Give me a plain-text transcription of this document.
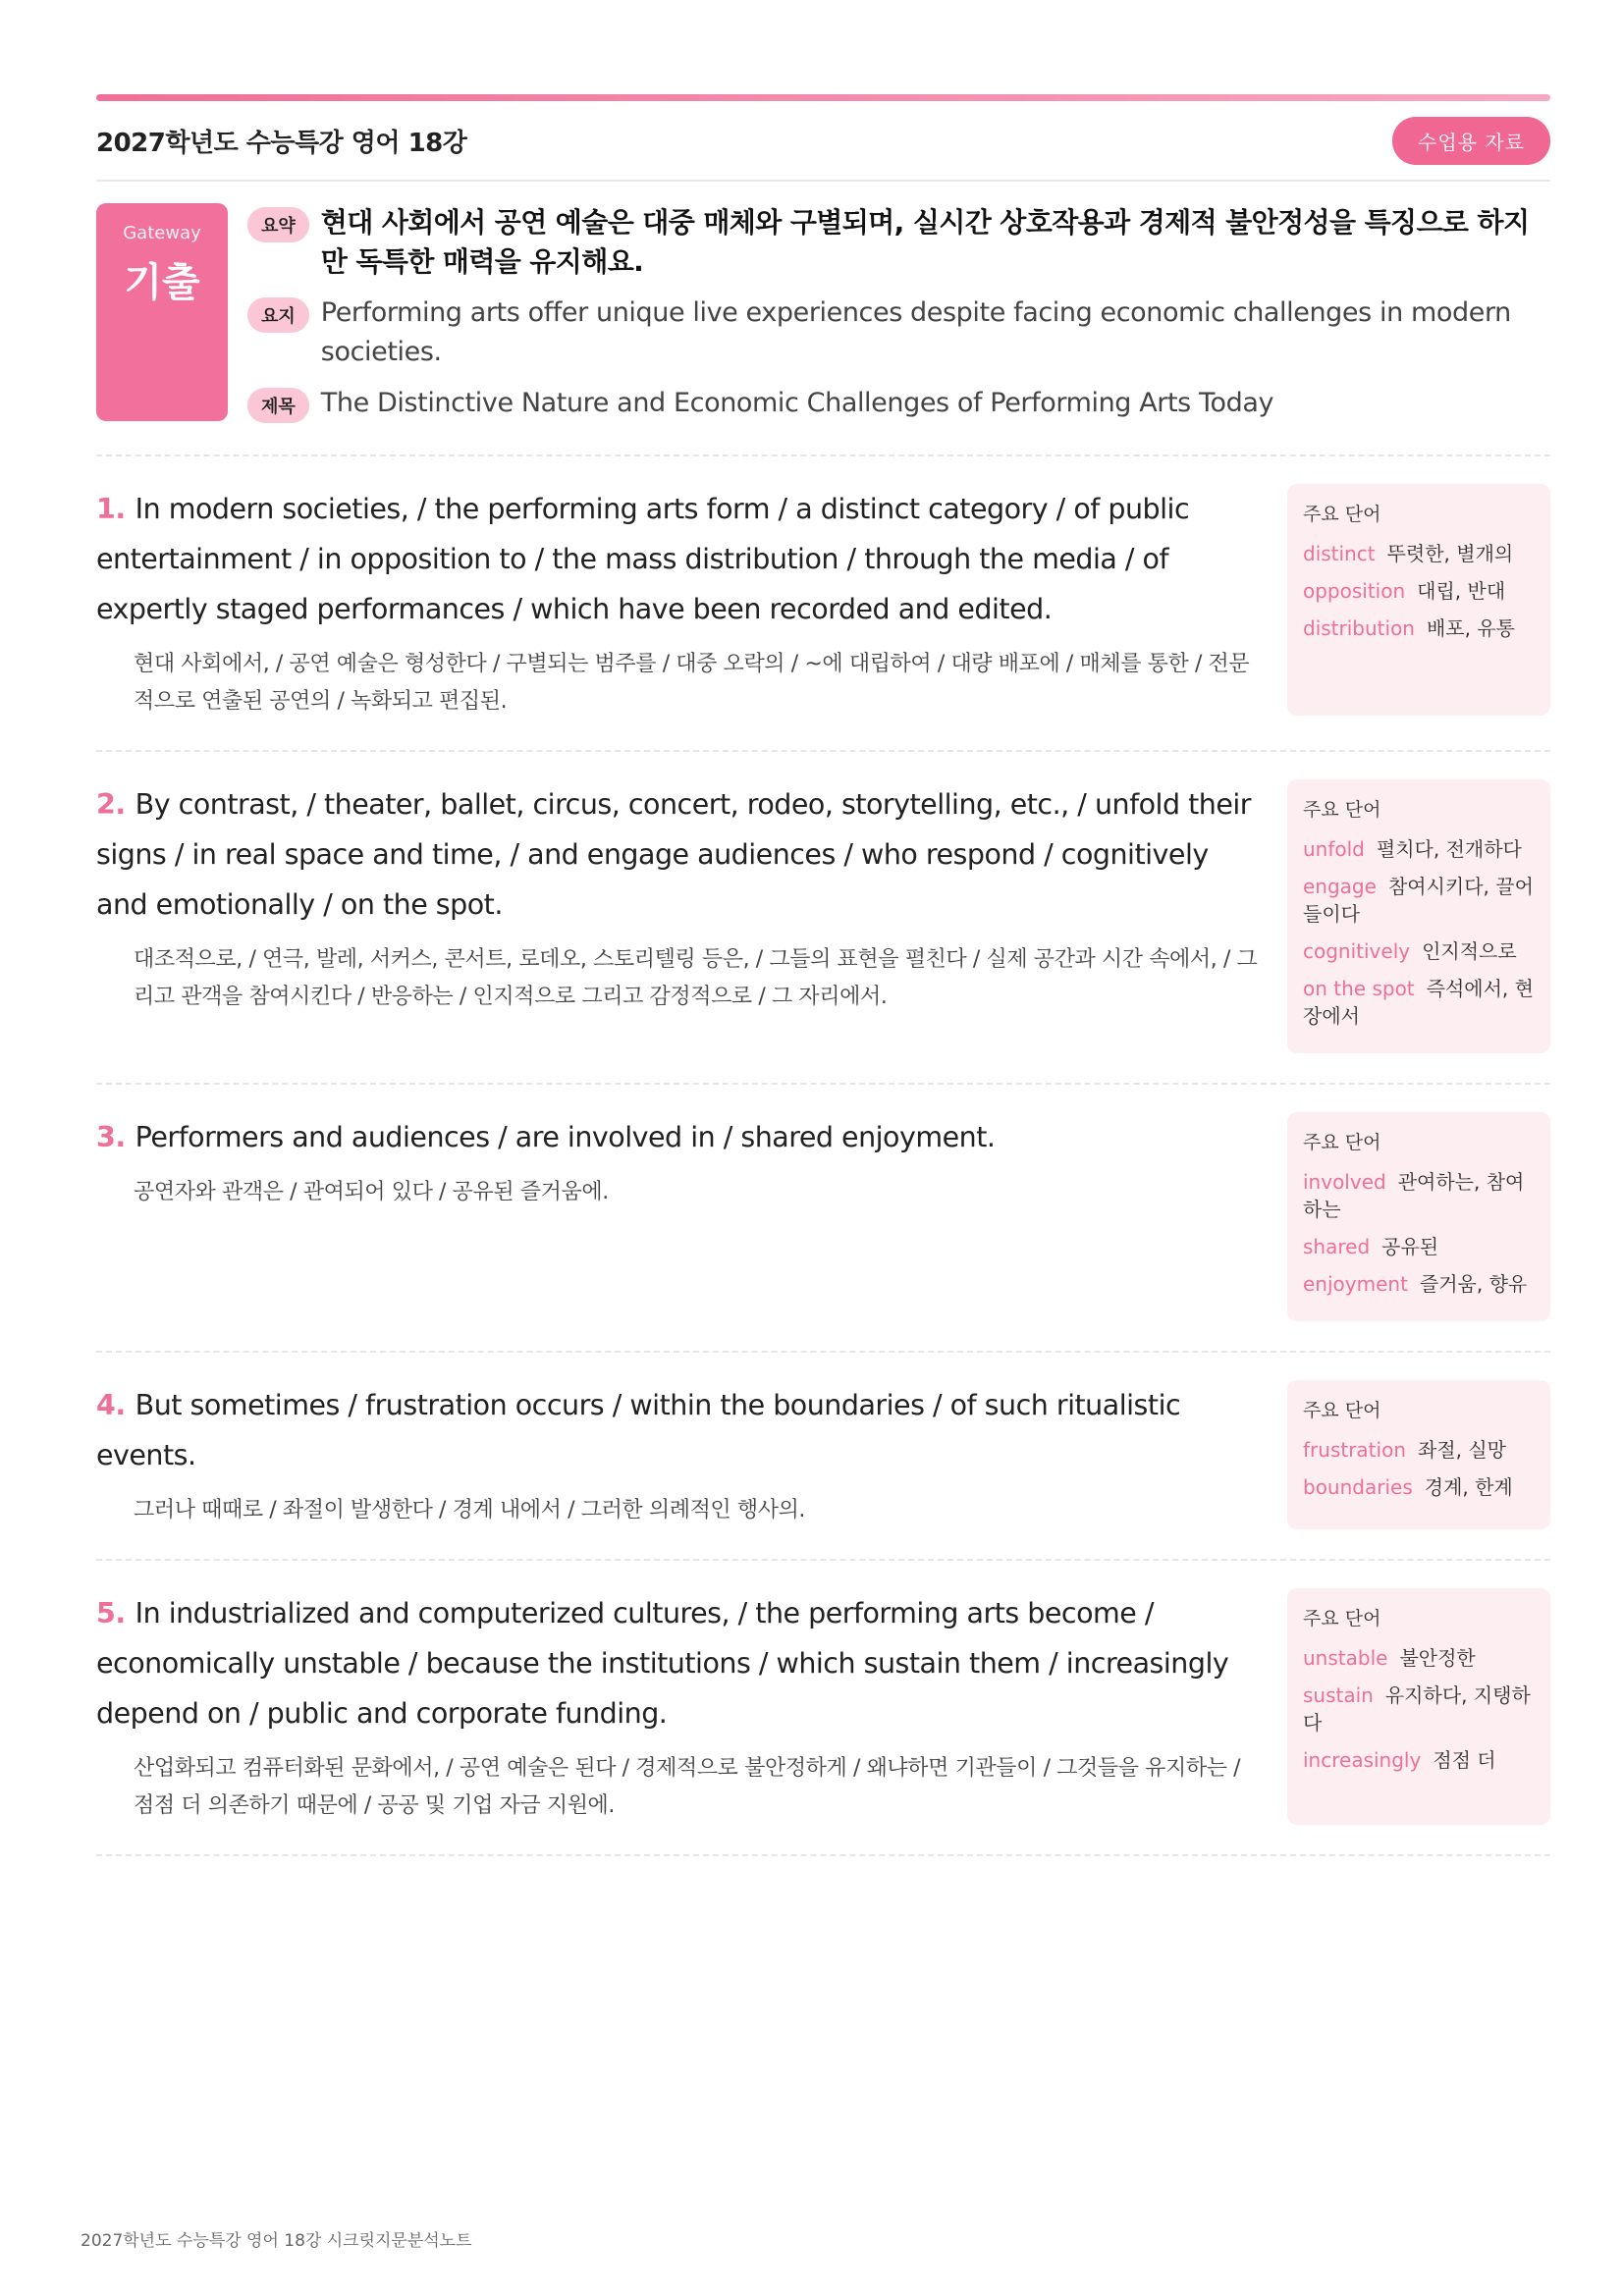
2027학년도 수능특강 영어 18강	수업용 자료
Gateway
기출
요약 현대 사회에서 공연 예술은 대중 매체와 구별되며, 실시간 상호작용과 경제적 불안정성을 특징으로 하지만 독특한 매력을 유지해요.
요지 Performing arts offer unique live experiences despite facing economic challenges in modern societies.
제목 The Distinctive Nature and Economic Challenges of Performing Arts Today
1. In modern societies, / the performing arts form / a distinct category / of public entertainment / in opposition to / the mass distribution / through the media / of expertly staged performances / which have been recorded and edited.
현대 사회에서, / 공연 예술은 형성한다 / 구별되는 범주를 / 대중 오락의 / ~에 대립하여 / 대량 배포에 / 매체를 통한 / 전문적으로 연출된 공연의 / 녹화되고 편집된.
주요 단어
distinct 뚜렷한, 별개의
opposition 대립, 반대
distribution 배포, 유통
2. By contrast, / theater, ballet, circus, concert, rodeo, storytelling, etc., / unfold their signs / in real space and time, / and engage audiences / who respond / cognitively and emotionally / on the spot.
대조적으로, / 연극, 발레, 서커스, 콘서트, 로데오, 스토리텔링 등은, / 그들의 표현을 펼친다 / 실제 공간과 시간 속에서, / 그리고 관객을 참여시킨다 / 반응하는 / 인지적으로 그리고 감정적으로 / 그 자리에서.
주요 단어
unfold 펼치다, 전개하다
engage 참여시키다, 끌어들이다
cognitively 인지적으로
on the spot 즉석에서, 현장에서
3. Performers and audiences / are involved in / shared enjoyment.
공연자와 관객은 / 관여되어 있다 / 공유된 즐거움에.
주요 단어
involved 관여하는, 참여하는
shared 공유된
enjoyment 즐거움, 향유
4. But sometimes / frustration occurs / within the boundaries / of such ritualistic events.
그러나 때때로 / 좌절이 발생한다 / 경계 내에서 / 그러한 의례적인 행사의.
주요 단어
frustration 좌절, 실망
boundaries 경계, 한계
5. In industrialized and computerized cultures, / the performing arts become / economically unstable / because the institutions / which sustain them / increasingly depend on / public and corporate funding.
산업화되고 컴퓨터화된 문화에서, / 공연 예술은 된다 / 경제적으로 불안정하게 / 왜냐하면 기관들이 / 그것들을 유지하는 / 점점 더 의존하기 때문에 / 공공 및 기업 자금 지원에.
주요 단어
unstable 불안정한
sustain 유지하다, 지탱하다
increasingly 점점 더
2027학년도 수능특강 영어 18강 시크릿지문분석노트
